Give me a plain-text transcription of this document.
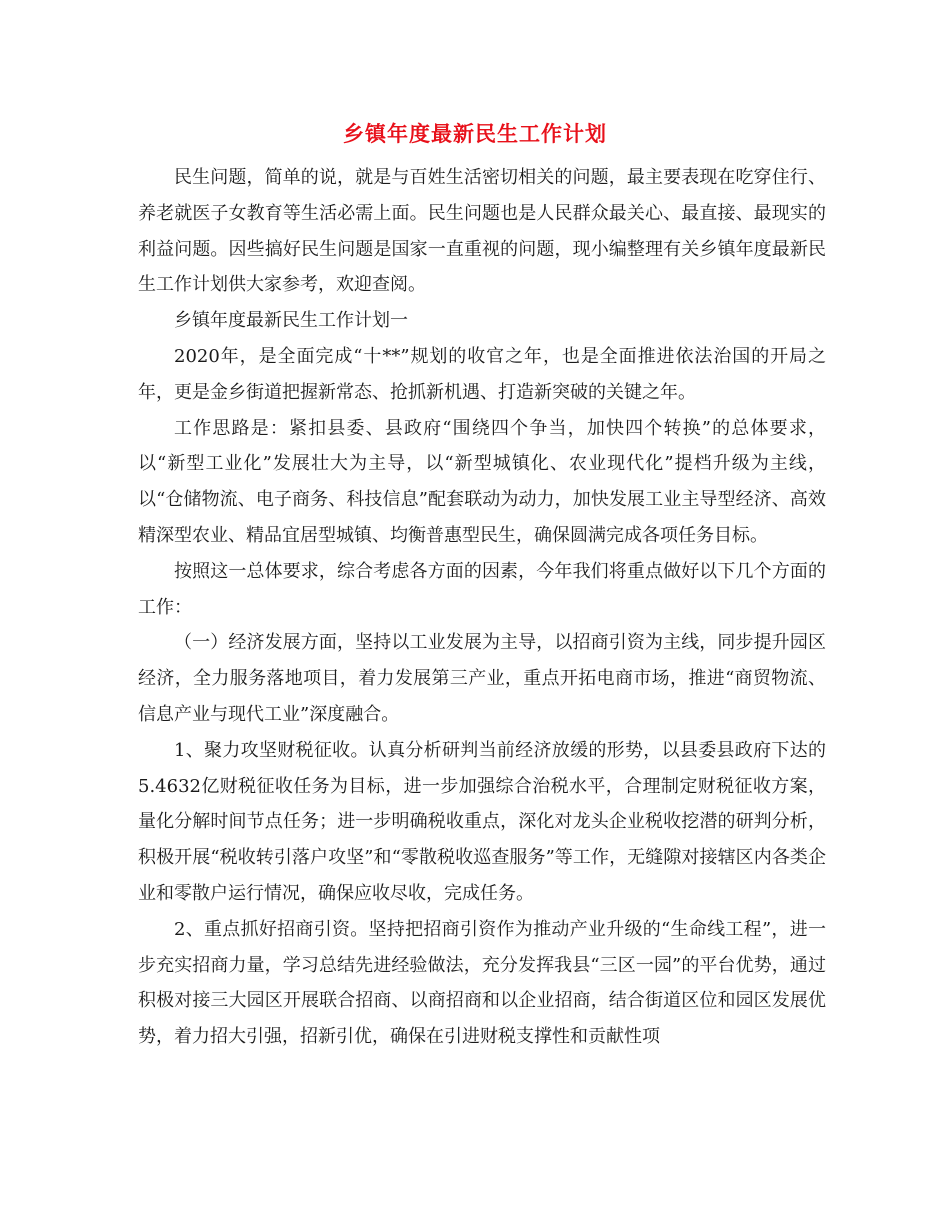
乡镇年度最新民生工作计划

民生问题，简单的说，就是与百姓生活密切相关的问题，最主要表现在吃穿住行、养老就医子女教育等生活必需上面。民生问题也是人民群众最关心、最直接、最现实的利益问题。因些搞好民生问题是国家一直重视的问题，现小编整理有关乡镇年度最新民生工作计划供大家参考，欢迎查阅。

乡镇年度最新民生工作计划一

2020年，是全面完成“十**”规划的收官之年，也是全面推进依法治国的开局之年，更是金乡街道把握新常态、抢抓新机遇、打造新突破的关键之年。

工作思路是：紧扣县委、县政府“围绕四个争当，加快四个转换”的总体要求，以“新型工业化”发展壮大为主导，以“新型城镇化、农业现代化”提档升级为主线，以“仓储物流、电子商务、科技信息”配套联动为动力，加快发展工业主导型经济、高效精深型农业、精品宜居型城镇、均衡普惠型民生，确保圆满完成各项任务目标。

按照这一总体要求，综合考虑各方面的因素，今年我们将重点做好以下几个方面的工作：

（一）经济发展方面，坚持以工业发展为主导，以招商引资为主线，同步提升园区经济，全力服务落地项目，着力发展第三产业，重点开拓电商市场，推进“商贸物流、信息产业与现代工业”深度融合。

1、聚力攻坚财税征收。认真分析研判当前经济放缓的形势，以县委县政府下达的5.4632亿财税征收任务为目标，进一步加强综合治税水平，合理制定财税征收方案，量化分解时间节点任务；进一步明确税收重点，深化对龙头企业税收挖潜的研判分析，积极开展“税收转引落户攻坚”和“零散税收巡查服务”等工作，无缝隙对接辖区内各类企业和零散户运行情况，确保应收尽收，完成任务。

2、重点抓好招商引资。坚持把招商引资作为推动产业升级的“生命线工程”，进一步充实招商力量，学习总结先进经验做法，充分发挥我县“三区一园”的平台优势，通过积极对接三大园区开展联合招商、以商招商和以企业招商，结合街道区位和园区发展优势，着力招大引强，招新引优，确保在引进财税支撑性和贡献性项
